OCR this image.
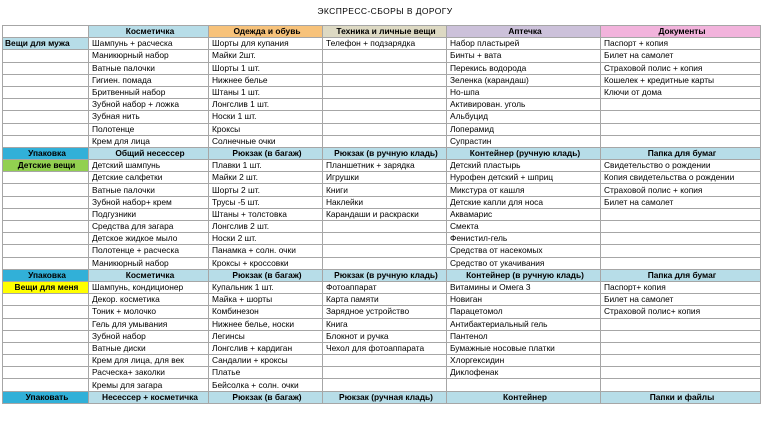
ЭКСПРЕСС-СБОРЫ В ДОРОГУ
	Косметичка	Одежда и обувь	Техника и личные вещи	Аптечка	Документы
Вещи для мужа	Шампунь + расческа	Шорты для купания	Телефон + подзарядка	Набор пластырей	Паспорт + копия
	Маникюрный набор	Майки 2шт.		Бинты + вата	Билет на самолет
	Ватные палочки	Шорты 1 шт.		Перекись водорода	Страховой полис + копия
	Гигиен. помада	Нижнее белье		Зеленка (карандаш)	Кошелек + кредитные карты
	Бритвенный набор	Штаны 1 шт.		Но-шпа	Ключи от дома
	Зубной набор + ложка	Лонгслив 1 шт.		Активирован. уголь	
	Зубная нить	Носки 1 шт.		Альбуцид	
	Полотенце	Кроксы		Лоперамид	
	Крем для лица	Солнечные очки		Супрастин	
Упаковка	Общий несессер	Рюкзак (в багаж)	Рюкзак (в ручную кладь)	Контейнер (ручную кладь)	Папка для бумаг
Детские вещи	Детский шампунь	Плавки 1 шт.	Планшетник + зарядка	Детский пластырь	Свидетельство о рождении
	Детские салфетки	Майки 2 шт.	Игрушки	Нурофен детский + шприц	Копия свидетельства о рождении
	Ватные палочки	Шорты 2 шт.	Книги	Микстура от кашля	Страховой полис + копия
	Зубной набор+ крем	Трусы -5 шт.	Наклейки	Детские капли для носа	Билет на самолет
	Подгузники	Штаны + толстовка	Карандаши и раскраски	Аквамарис	
	Средства для загара	Лонгслив 2 шт.		Смекта	
	Детское жидкое мыло	Носки 2 шт.		Фенистил-гель	
	Полотенце + расческа	Панамка + солн. очки		Средства от насекомых	
	Маникюрный набор	Кроксы + кроссовки		Средство от укачивания	
Упаковка	Косметичка	Рюкзак (в багаж)	Рюкзак (в ручную кладь)	Контейнер (в ручную кладь)	Папка для бумаг
Вещи для меня	Шампунь, кондиционер	Купальник 1 шт.	Фотоаппарат	Витамины и Омега 3	Паспорт+ копия
	Декор. косметика	Майка + шорты	Карта памяти	Новиган	Билет на самолет
	Тоник + молочко	Комбинезон	Зарядное устройство	Парацетомол	Страховой полис+ копия
	Гель для умывания	Нижнее белье, носки	Книга	Антибактериальный гель	
	Зубной набор	Легинсы	Блокнот и ручка	Пантенол	
	Ватные диски	Лонгслив + кардиган	Чехол для фотоаппарата	Бумажные носовые платки	
	Крем для лица, для век	Сандалии + кроксы		Хлоргексидин	
	Расческа+ заколки	Платье		Диклофенак	
	Кремы для загара	Бейсолка + солн. очки			
Упаковать	Несессер + косметичка	Рюкзак (в багаж)	Рюкзак (ручная кладь)	Контейнер	Папки и файлы
